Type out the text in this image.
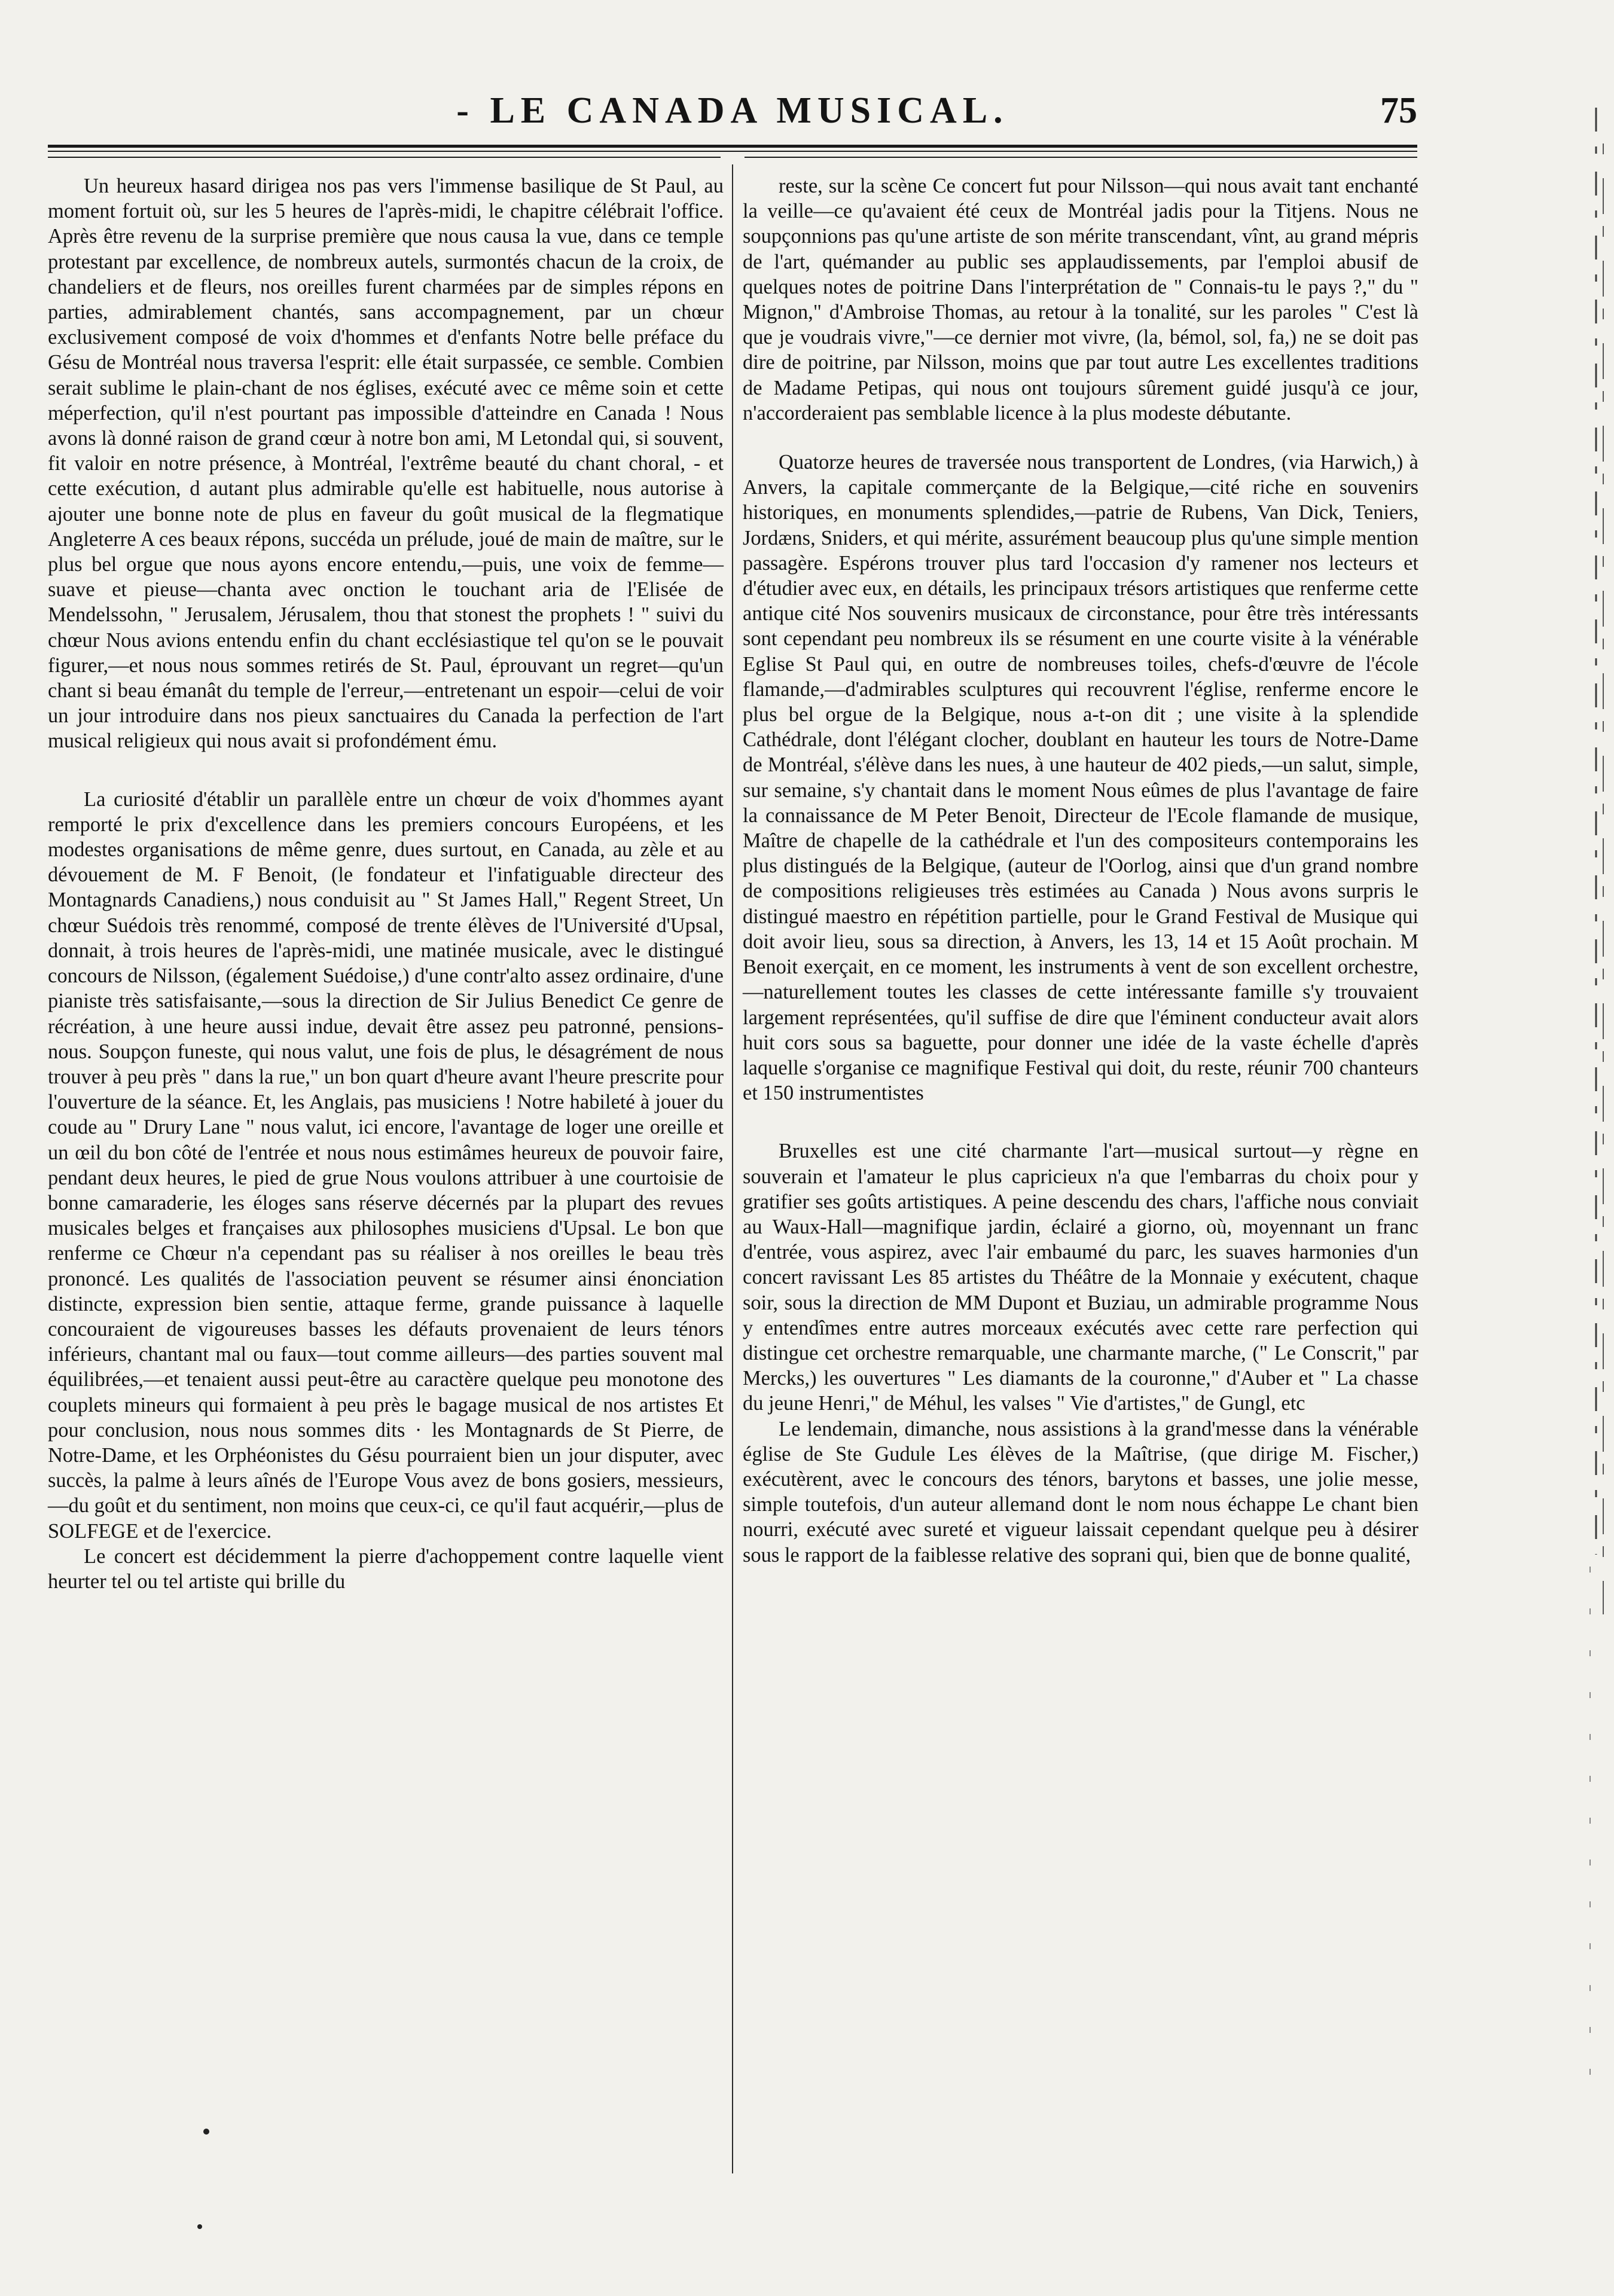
- LE CANADA MUSICAL.	75

Un heureux hasard dirigea nos pas vers l'immense basilique de St Paul, au moment fortuit où, sur les 5 heures de l'après-midi, le chapitre célébrait l'office. Après être revenu de la surprise première que nous causa la vue, dans ce temple protestant par excellence, de nombreux autels, surmontés chacun de la croix, de chandeliers et de fleurs, nos oreilles furent charmées par de simples répons en parties, admirablement chantés, sans accompagnement, par un chœur exclusivement composé de voix d'hommes et d'enfants Notre belle préface du Gésu de Montréal nous traversa l'esprit: elle était surpassée, ce semble. Combien serait sublime le plain-chant de nos églises, exécuté avec ce même soin et cette méperfection, qu'il n'est pourtant pas impossible d'atteindre en Canada ! Nous avons là donné raison de grand cœur à notre bon ami, M Letondal qui, si souvent, fit valoir en notre présence, à Montréal, l'extrême beauté du chant choral, - et cette exécution, d autant plus admirable qu'elle est habituelle, nous autorise à ajouter une bonne note de plus en faveur du goût musical de la flegmatique Angleterre A ces beaux répons, succéda un prélude, joué de main de maître, sur le plus bel orgue que nous ayons encore entendu,—puis, une voix de femme—suave et pieuse—chanta avec onction le touchant aria de l'Elisée de Mendelssohn, " Jerusalem, Jérusalem, thou that stonest the prophets ! " suivi du chœur Nous avions entendu enfin du chant ecclésiastique tel qu'on se le pouvait figurer,—et nous nous sommes retirés de St. Paul, éprouvant un regret—qu'un chant si beau émanât du temple de l'erreur,—entretenant un espoir—celui de voir un jour introduire dans nos pieux sanctuaires du Canada la perfection de l'art musical religieux qui nous avait si profondément ému.

La curiosité d'établir un parallèle entre un chœur de voix d'hommes ayant remporté le prix d'excellence dans les premiers concours Européens, et les modestes organisations de même genre, dues surtout, en Canada, au zèle et au dévouement de M. F Benoit, (le fondateur et l'infatiguable directeur des Montagnards Canadiens,) nous conduisit au " St James Hall," Regent Street, Un chœur Suédois très renommé, composé de trente élèves de l'Université d'Upsal, donnait, à trois heures de l'après-midi, une matinée musicale, avec le distingué concours de Nilsson, (également Suédoise,) d'une contr'alto assez ordinaire, d'une pianiste très satisfaisante,—sous la direction de Sir Julius Benedict Ce genre de récréation, à une heure aussi indue, devait être assez peu patronné, pensions-nous. Soupçon funeste, qui nous valut, une fois de plus, le désagrément de nous trouver à peu près " dans la rue," un bon quart d'heure avant l'heure prescrite pour l'ouverture de la séance. Et, les Anglais, pas musiciens ! Notre habileté à jouer du coude au " Drury Lane " nous valut, ici encore, l'avantage de loger une oreille et un œil du bon côté de l'entrée et nous nous estimâmes heureux de pouvoir faire, pendant deux heures, le pied de grue Nous voulons attribuer à une courtoisie de bonne camaraderie, les éloges sans réserve décernés par la plupart des revues musicales belges et françaises aux philosophes musiciens d'Upsal. Le bon que renferme ce Chœur n'a cependant pas su réaliser à nos oreilles le beau très prononcé. Les qualités de l'association peuvent se résumer ainsi énonciation distincte, expression bien sentie, attaque ferme, grande puissance à laquelle concouraient de vigoureuses basses les défauts provenaient de leurs ténors inférieurs, chantant mal ou faux—tout comme ailleurs—des parties souvent mal équilibrées,—et tenaient aussi peut-être au caractère quelque peu monotone des couplets mineurs qui formaient à peu près le bagage musical de nos artistes Et pour conclusion, nous nous sommes dits · les Montagnards de St Pierre, de Notre-Dame, et les Orphéonistes du Gésu pourraient bien un jour disputer, avec succès, la palme à leurs aînés de l'Europe Vous avez de bons gosiers, messieurs,—du goût et du sentiment, non moins que ceux-ci, ce qu'il faut acquérir,—plus de SOLFEGE et de l'exercice.

Le concert est décidemment la pierre d'achoppement contre laquelle vient heurter tel ou tel artiste qui brille du

reste, sur la scène Ce concert fut pour Nilsson—qui nous avait tant enchanté la veille—ce qu'avaient été ceux de Montréal jadis pour la Titjens. Nous ne soupçonnions pas qu'une artiste de son mérite transcendant, vînt, au grand mépris de l'art, quémander au public ses applaudissements, par l'emploi abusif de quelques notes de poitrine Dans l'interprétation de " Connais-tu le pays ?," du " Mignon," d'Ambroise Thomas, au retour à la tonalité, sur les paroles " C'est là que je voudrais vivre,"—ce dernier mot vivre, (la, bémol, sol, fa,) ne se doit pas dire de poitrine, par Nilsson, moins que par tout autre Les excellentes traditions de Madame Petipas, qui nous ont toujours sûrement guidé jusqu'à ce jour, n'accorderaient pas semblable licence à la plus modeste débutante.

Quatorze heures de traversée nous transportent de Londres, (via Harwich,) à Anvers, la capitale commerçante de la Belgique,—cité riche en souvenirs historiques, en monuments splendides,—patrie de Rubens, Van Dick, Teniers, Jordæns, Sniders, et qui mérite, assurément beaucoup plus qu'une simple mention passagère. Espérons trouver plus tard l'occasion d'y ramener nos lecteurs et d'étudier avec eux, en détails, les principaux trésors artistiques que renferme cette antique cité Nos souvenirs musicaux de circonstance, pour être très intéressants sont cependant peu nombreux ils se résument en une courte visite à la vénérable Eglise St Paul qui, en outre de nombreuses toiles, chefs-d'œuvre de l'école flamande,—d'admirables sculptures qui recouvrent l'église, renferme encore le plus bel orgue de la Belgique, nous a-t-on dit ; une visite à la splendide Cathédrale, dont l'élégant clocher, doublant en hauteur les tours de Notre-Dame de Montréal, s'élève dans les nues, à une hauteur de 402 pieds,—un salut, simple, sur semaine, s'y chantait dans le moment Nous eûmes de plus l'avantage de faire la connaissance de M Peter Benoit, Directeur de l'Ecole flamande de musique, Maître de chapelle de la cathédrale et l'un des compositeurs contemporains les plus distingués de la Belgique, (auteur de l'Oorlog, ainsi que d'un grand nombre de compositions religieuses très estimées au Canada ) Nous avons surpris le distingué maestro en répétition partielle, pour le Grand Festival de Musique qui doit avoir lieu, sous sa direction, à Anvers, les 13, 14 et 15 Août prochain. M Benoit exerçait, en ce moment, les instruments à vent de son excellent orchestre,—naturellement toutes les classes de cette intéressante famille s'y trouvaient largement représentées, qu'il suffise de dire que l'éminent conducteur avait alors huit cors sous sa baguette, pour donner une idée de la vaste échelle d'après laquelle s'organise ce magnifique Festival qui doit, du reste, réunir 700 chanteurs et 150 instrumentistes

Bruxelles est une cité charmante l'art—musical surtout—y règne en souverain et l'amateur le plus capricieux n'a que l'embarras du choix pour y gratifier ses goûts artistiques. A peine descendu des chars, l'affiche nous conviait au Waux-Hall—magnifique jardin, éclairé a giorno, où, moyennant un franc d'entrée, vous aspirez, avec l'air embaumé du parc, les suaves harmonies d'un concert ravissant Les 85 artistes du Théâtre de la Monnaie y exécutent, chaque soir, sous la direction de MM Dupont et Buziau, un admirable programme Nous y entendîmes entre autres morceaux exécutés avec cette rare perfection qui distingue cet orchestre remarquable, une charmante marche, (" Le Conscrit," par Mercks,) les ouvertures " Les diamants de la couronne," d'Auber et " La chasse du jeune Henri," de Méhul, les valses " Vie d'artistes," de Gungl, etc

Le lendemain, dimanche, nous assistions à la grand'messe dans la vénérable église de Ste Gudule Les élèves de la Maîtrise, (que dirige M. Fischer,) exécutèrent, avec le concours des ténors, barytons et basses, une jolie messe, simple toutefois, d'un auteur allemand dont le nom nous échappe Le chant bien nourri, exécuté avec sureté et vigueur laissait cependant quelque peu à désirer sous le rapport de la faiblesse relative des soprani qui, bien que de bonne qualité,
